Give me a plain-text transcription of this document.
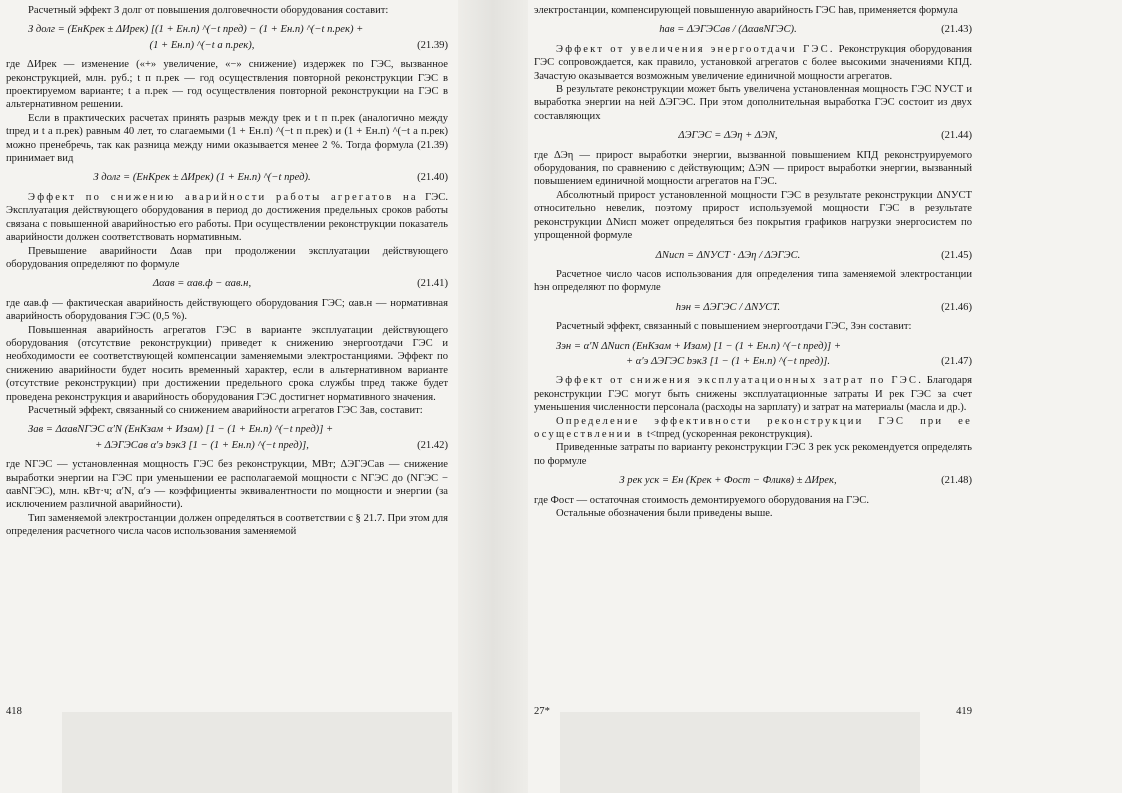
Расчетный эффект З долг от повышения долговечности оборудования составит:

З долг = (EнKрек ± ΔИрек) [(1 + Eн.п) ^(−t пред) − (1 + Eн.п) ^(−t п.рек) +
(1 + Eн.п) ^(−t а п.рек),	(21.39)

где ΔИрек — изменение («+» увеличение, «−» снижение) издержек по ГЭС, вызванное реконструкцией, млн. руб.; t п п.рек — год осуществления повторной реконструкции ГЭС в проектируемом варианте; t а п.рек — год осуществления повторной реконструкции на ГЭС в альтернативном решении.

Если в практических расчетах принять разрыв между tрек и t п п.рек (аналогично между tпред и t а п.рек) равным 40 лет, то слагаемыми (1 + Eн.п) ^(−t п п.рек) и (1 + Eн.п) ^(−t а п.рек) можно пренебречь, так как разница между ними оказывается менее 2 %. Тогда формула (21.39) принимает вид

З долг = (EнKрек ± ΔИрек) (1 + Eн.п) ^(−t пред).	(21.40)

Эффект по снижению аварийности работы агрегатов на ГЭС. Эксплуатация действующего оборудования в период до достижения предельных сроков работы связана с повышенной аварийностью его работы. При осуществлении реконструкции показатель аварийности должен соответствовать нормативным.

Превышение аварийности Δαав при продолжении эксплуатации действующего оборудования определяют по формуле

Δαав = αав.ф − αав.н,	(21.41)

где αав.ф — фактическая аварийность действующего оборудования ГЭС; αав.н — нормативная аварийность оборудования ГЭС (0,5 %).

Повышенная аварийность агрегатов ГЭС в варианте эксплуатации действующего оборудования (отсутствие реконструкции) приведет к снижению энергоотдачи ГЭС и необходимости ее соответствующей компенсации заменяемыми электростанциями. Эффект по снижению аварийности будет носить временный характер, если в альтернативном варианте (отсутствие реконструкции) при достижении предельного срока службы tпред также будет проведена реконструкция и аварийность оборудования ГЭС достигнет нормативного значения.

Расчетный эффект, связанный со снижением аварийности агрегатов ГЭС Зав, составит:

Зав = ΔαавNГЭС α′N (EнKзам + Изам) [1 − (1 + Eн.п) ^(−t пред)] +
+ ΔЭГЭСав α′э bэкЗ [1 − (1 + Eн.п) ^(−t пред)],	(21.42)

где NГЭС — установленная мощность ГЭС без реконструкции, МВт; ΔЭГЭСав — снижение выработки энергии на ГЭС при уменьшении ее располагаемой мощности с NГЭС до (NГЭС − αавNГЭС), млн. кВт·ч; α′N, α′э — коэффициенты эквивалентности по мощности и энергии (за исключением различной аварийности).

Тип заменяемой электростанции должен определяться в соответствии с § 21.7. При этом для определения расчетного числа часов использования заменяемой

418

электростанции, компенсирующей повышенную аварийность ГЭС hав, применяется формула

hав = ΔЭГЭСав / (ΔαавNГЭС).	(21.43)

Эффект от увеличения энергоотдачи ГЭС. Реконструкция оборудования ГЭС сопровождается, как правило, установкой агрегатов с более высокими значениями КПД. Зачастую оказывается возможным увеличение единичной мощности агрегатов.

В результате реконструкции может быть увеличена установленная мощность ГЭС NУСТ и выработка энергии на ней ΔЭГЭС. При этом дополнительная выработка ГЭС состоит из двух составляющих

ΔЭГЭС = ΔЭη + ΔЭN,	(21.44)

где ΔЭη — прирост выработки энергии, вызванной повышением КПД реконструируемого оборудования, по сравнению с действующим; ΔЭN — прирост выработки энергии, вызванный повышением единичной мощности агрегатов на ГЭС.

Абсолютный прирост установленной мощности ГЭС в результате реконструкции ΔNУСТ относительно невелик, поэтому прирост используемой мощности ГЭС в результате реконструкции ΔNисп может определяться без покрытия графиков нагрузки энергосистем по упрощенной формуле

ΔNисп = ΔNУСТ · ΔЭη / ΔЭГЭС.	(21.45)

Расчетное число часов использования для определения типа заменяемой электростанции hэн определяют по формуле

hэн = ΔЭГЭС / ΔNУСТ.	(21.46)

Расчетный эффект, связанный с повышением энергоотдачи ГЭС, Зэн составит:

Зэн = α′N ΔNисп (EнKзам + Изам) [1 − (1 + Eн.п) ^(−t пред)] +
+ α′э ΔЭГЭС bэкЗ [1 − (1 + Eн.п) ^(−t пред)].	(21.47)

Эффект от снижения эксплуатационных затрат по ГЭС. Благодаря реконструкции ГЭС могут быть снижены эксплуатационные затраты И рек ГЭС за счет уменьшения численности персонала (расходы на зарплату) и затрат на материалы (масла и др.).

Определение эффективности реконструкции ГЭС при ее осуществлении в t<tпред (ускоренная реконструкция).

Приведенные затраты по варианту реконструкции ГЭС З рек уск рекомендуется определять по формуле

З рек уск = Eн (Kрек + Фост − Фликв) ± ΔИрек,	(21.48)

где Фост — остаточная стоимость демонтируемого оборудования на ГЭС.

Остальные обозначения были приведены выше.

27*	419
